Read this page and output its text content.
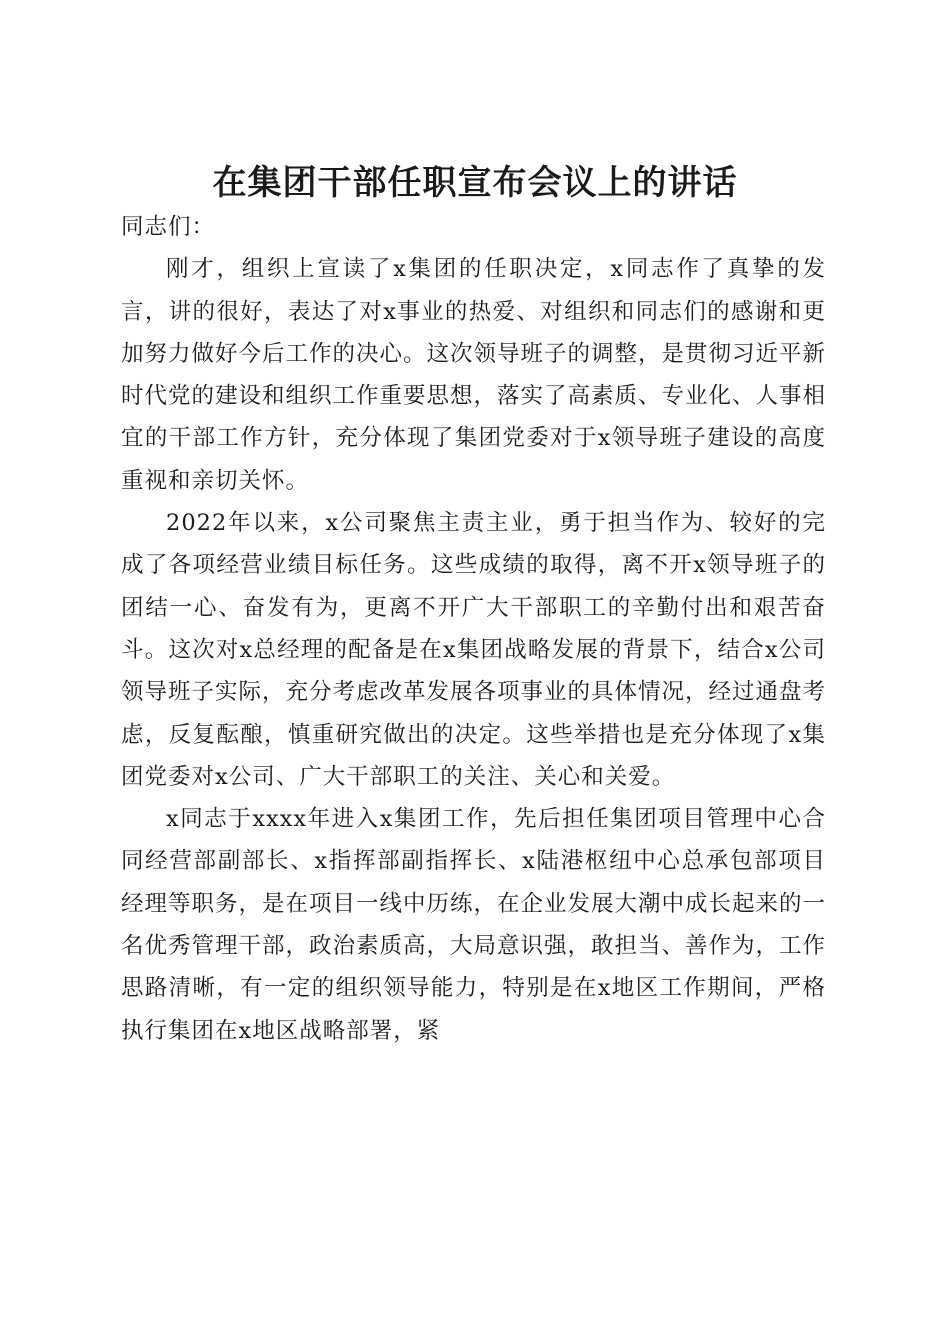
在集团干部任职宣布会议上的讲话

同志们：

刚才，组织上宣读了x集团的任职决定，x同志作了真挚的发言，讲的很好，表达了对x事业的热爱、对组织和同志们的感谢和更加努力做好今后工作的决心。这次领导班子的调整，是贯彻习近平新时代党的建设和组织工作重要思想，落实了高素质、专业化、人事相宜的干部工作方针，充分体现了集团党委对于x领导班子建设的高度重视和亲切关怀。

2022年以来，x公司聚焦主责主业，勇于担当作为、较好的完成了各项经营业绩目标任务。这些成绩的取得，离不开x领导班子的团结一心、奋发有为，更离不开广大干部职工的辛勤付出和艰苦奋斗。这次对x总经理的配备是在x集团战略发展的背景下，结合x公司领导班子实际，充分考虑改革发展各项事业的具体情况，经过通盘考虑，反复酝酿，慎重研究做出的决定。这些举措也是充分体现了x集团党委对x公司、广大干部职工的关注、关心和关爱。

x同志于xxxx年进入x集团工作，先后担任集团项目管理中心合同经营部副部长、x指挥部副指挥长、x陆港枢纽中心总承包部项目经理等职务，是在项目一线中历练，在企业发展大潮中成长起来的一名优秀管理干部，政治素质高，大局意识强，敢担当、善作为，工作思路清晰，有一定的组织领导能力，特别是在x地区工作期间，严格执行集团在x地区战略部署，紧
